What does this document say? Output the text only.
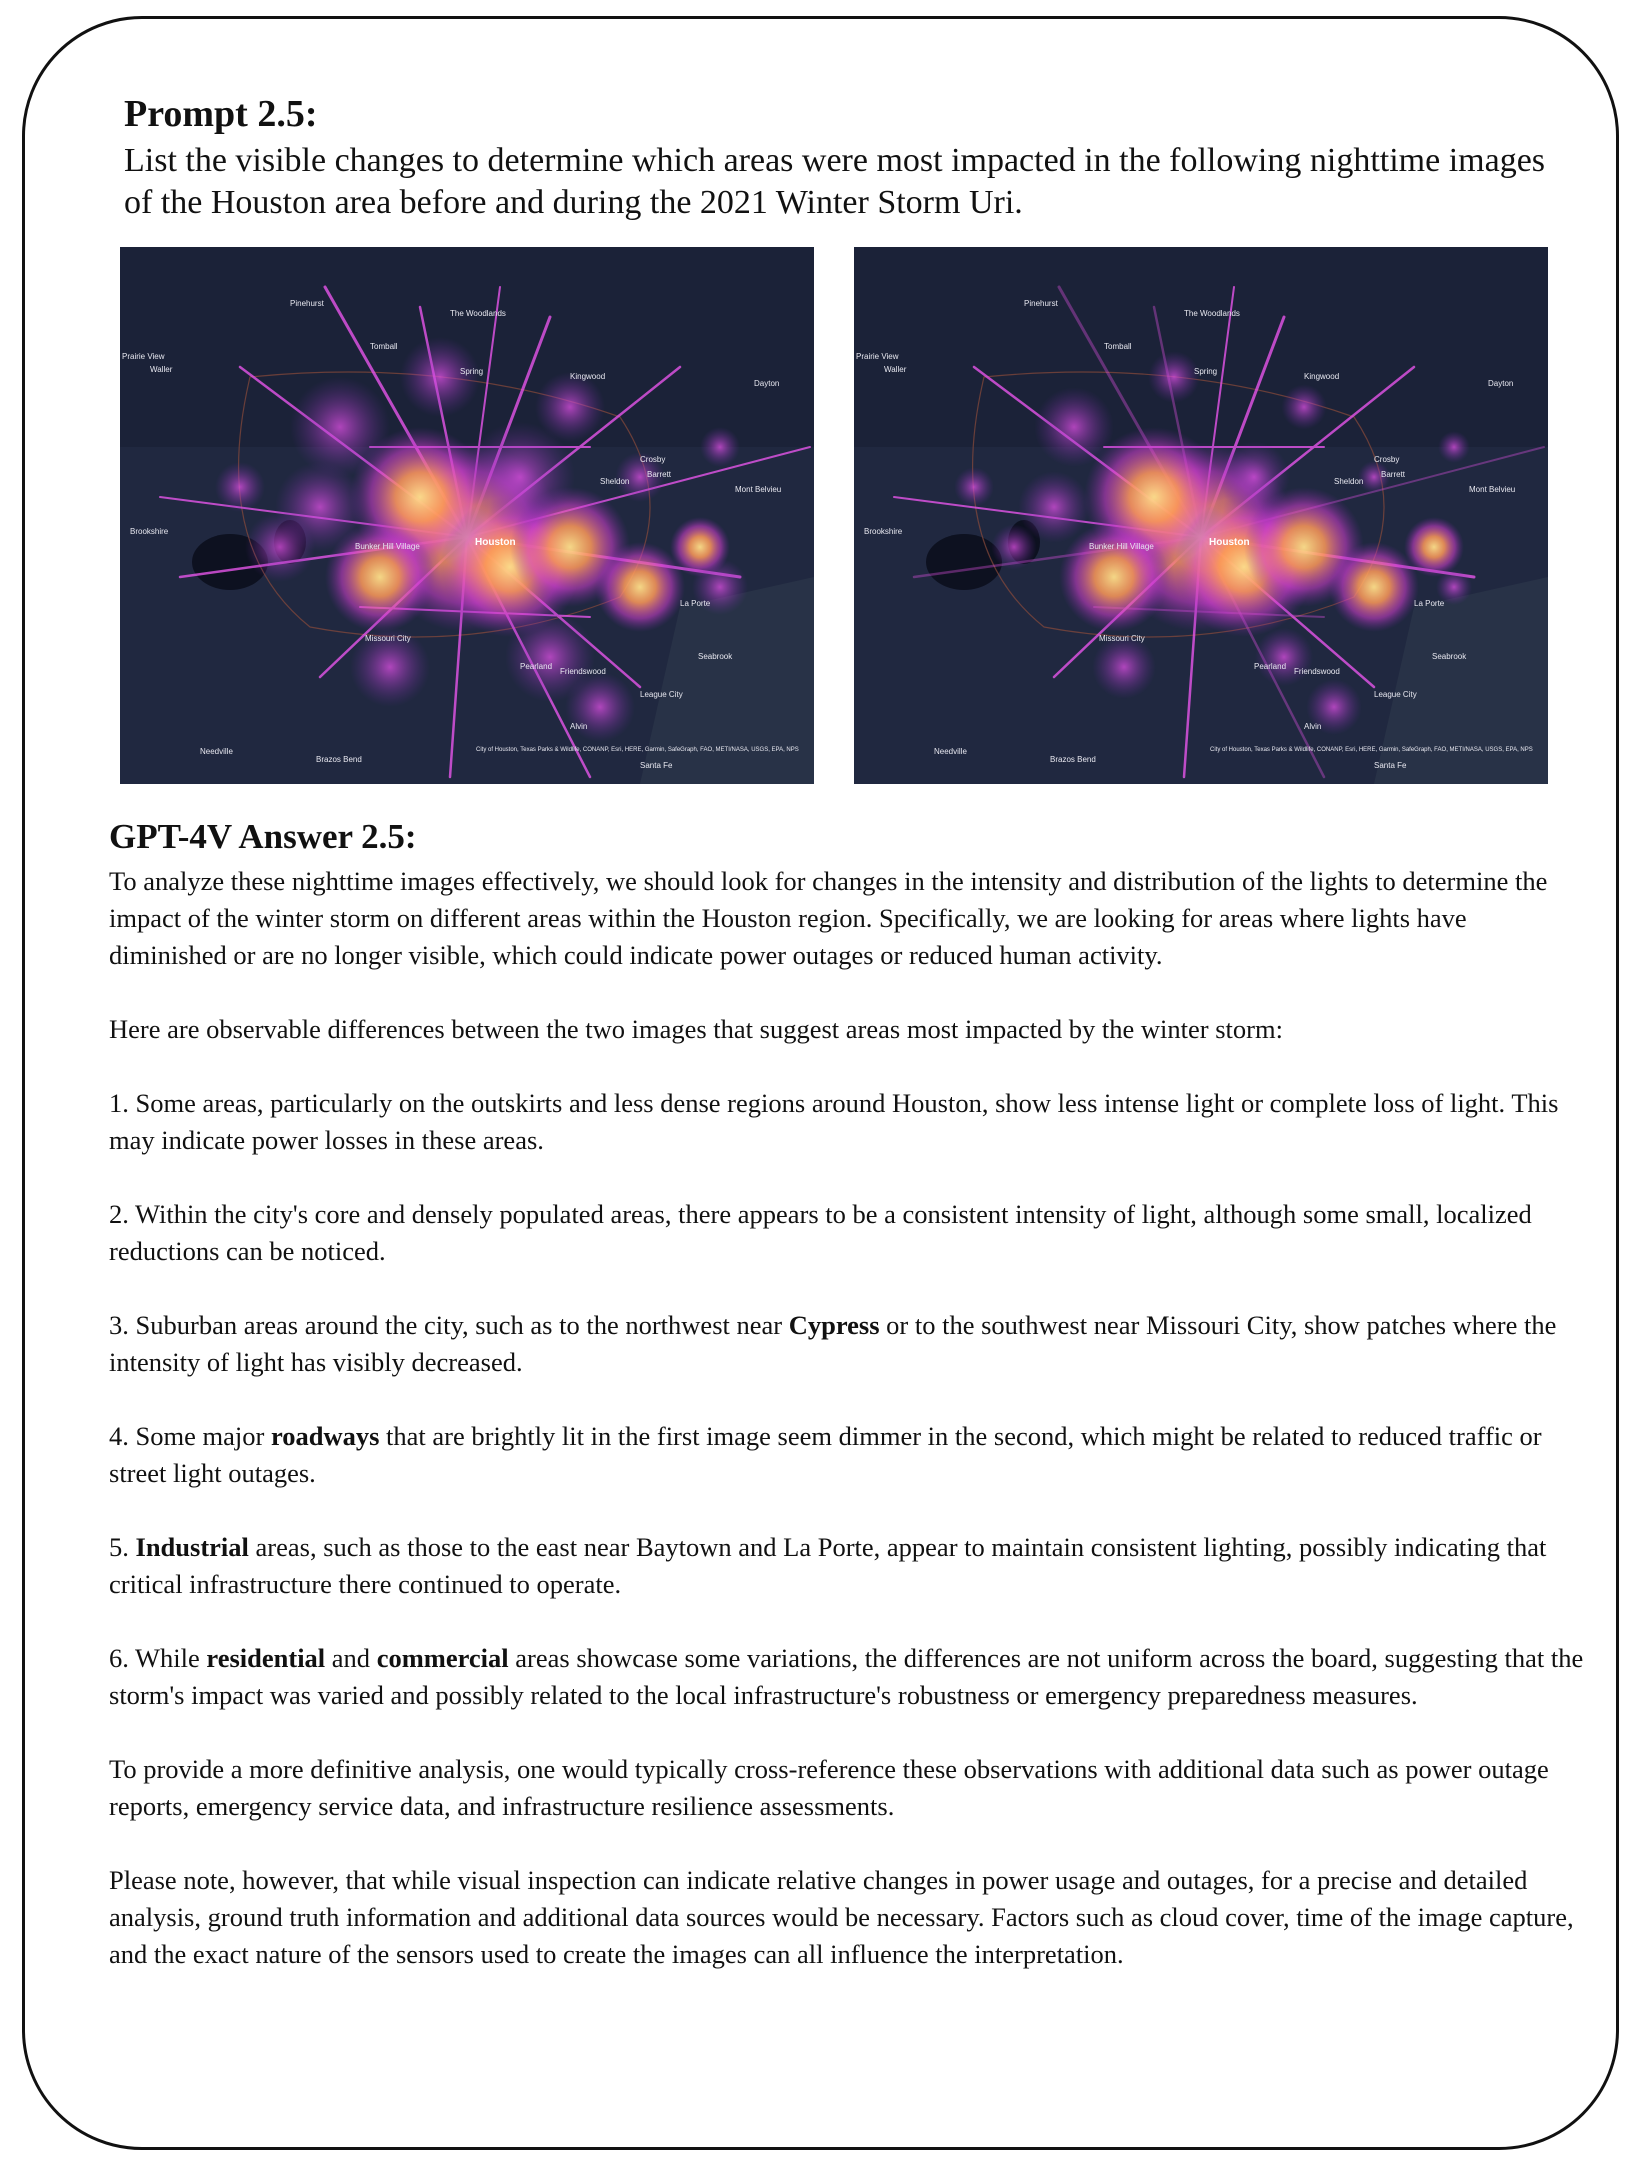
Prompt 2.5:

List the visible changes to determine which areas were most impacted in the following nighttime images of the Houston area before and during the 2021 Winter Storm Uri.

Pinehurst
The Woodlands
Tomball
Spring
Kingwood
Dayton
Prairie View
Waller
Crosby
Barrett
Sheldon
Mont Belvieu
Brookshire
Bunker Hill Village	Houston
La Porte
Missouri City
Seabrook
Pearland
Friendswood
League City
Alvin
Needville
Brazos Bend
Santa Fe
City of Houston, Texas Parks & Wildlife, CONANP, Esri, HERE, Garmin, SafeGraph, FAO, METI/NASA, USGS, EPA, NPS
Pinehurst
The Woodlands
Tomball
Spring
Kingwood
Dayton
Prairie View
Waller
Crosby
Barrett
Sheldon
Mont Belvieu
Brookshire
Bunker Hill Village	Houston
La Porte
Missouri City
Seabrook
Pearland
Friendswood
League City
Alvin
Needville
Brazos Bend
Santa Fe
City of Houston, Texas Parks & Wildlife, CONANP, Esri, HERE, Garmin, SafeGraph, FAO, METI/NASA, USGS, EPA, NPS
GPT-4V Answer 2.5:

To analyze these nighttime images effectively, we should look for changes in the intensity and distribution of the lights to determine the impact of the winter storm on different areas within the Houston region. Specifically, we are looking for areas where lights have diminished or are no longer visible, which could indicate power outages or reduced human activity.

Here are observable differences between the two images that suggest areas most impacted by the winter storm:

1. Some areas, particularly on the outskirts and less dense regions around Houston, show less intense light or complete loss of light. This may indicate power losses in these areas.

2. Within the city's core and densely populated areas, there appears to be a consistent intensity of light, although some small, localized reductions can be noticed.

3. Suburban areas around the city, such as to the northwest near Cypress or to the southwest near Missouri City, show patches where the intensity of light has visibly decreased.

4. Some major roadways that are brightly lit in the first image seem dimmer in the second, which might be related to reduced traffic or street light outages.

5. Industrial areas, such as those to the east near Baytown and La Porte, appear to maintain consistent lighting, possibly indicating that critical infrastructure there continued to operate.

6. While residential and commercial areas showcase some variations, the differences are not uniform across the board, suggesting that the storm's impact was varied and possibly related to the local infrastructure's robustness or emergency preparedness measures.

To provide a more definitive analysis, one would typically cross-reference these observations with additional data such as power outage reports, emergency service data, and infrastructure resilience assessments.

Please note, however, that while visual inspection can indicate relative changes in power usage and outages, for a precise and detailed analysis, ground truth information and additional data sources would be necessary. Factors such as cloud cover, time of the image capture, and the exact nature of the sensors used to create the images can all influence the interpretation.
